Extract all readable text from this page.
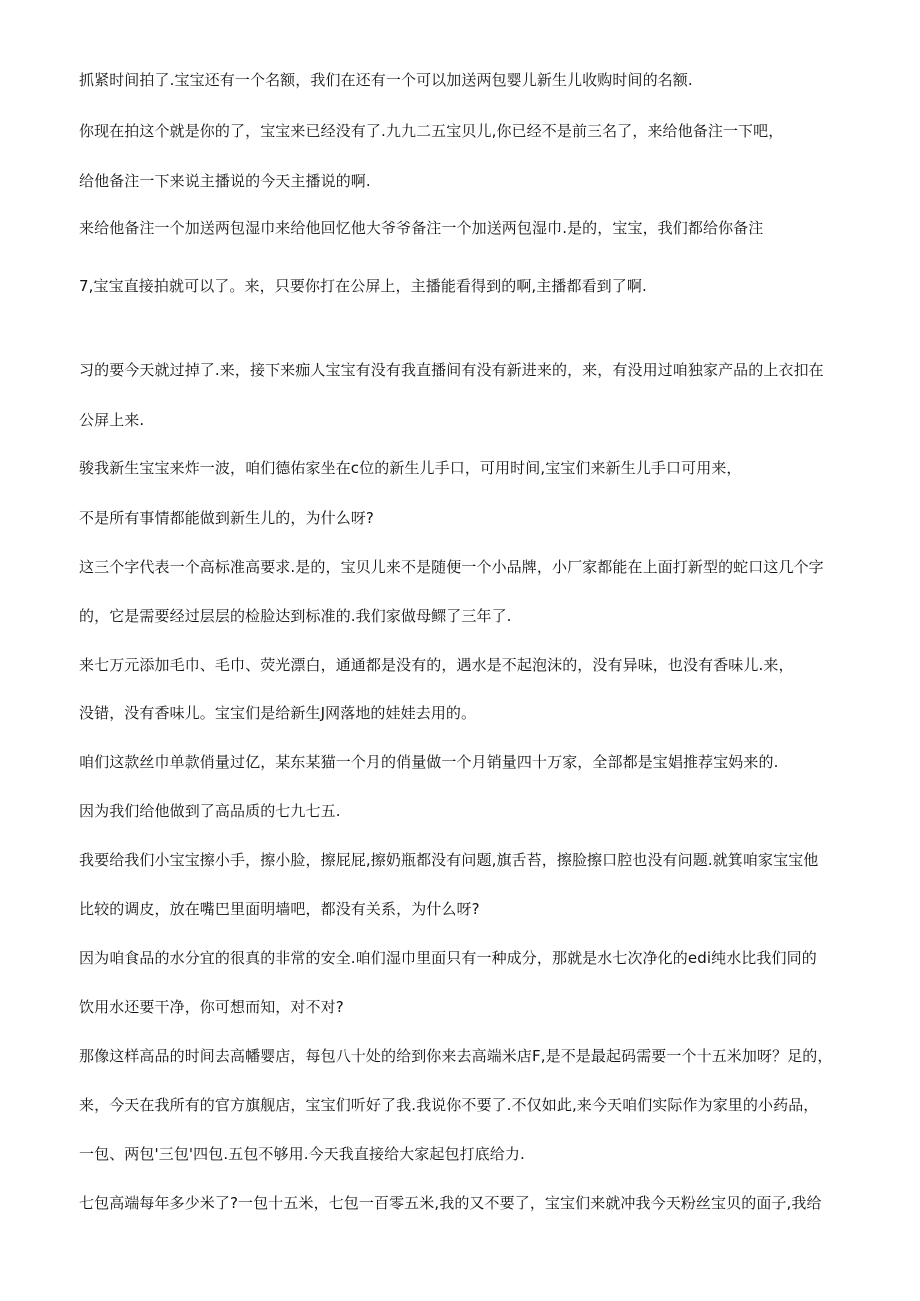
抓紧时间拍了.宝宝还有一个名额，我们在还有一个可以加送两包婴儿新生儿收购时间的名额.
你现在拍这个就是你的了，宝宝来已经没有了.九九二五宝贝儿,你已经不是前三名了，来给他备注一下吧，
给他备注一下来说主播说的今天主播说的啊.
来给他备注一个加送两包湿巾来给他回忆他大爷爷备注一个加送两包湿巾.是的，宝宝，我们都给你备注
7,宝宝直接拍就可以了。来，只要你打在公屏上，主播能看得到的啊,主播都看到了啊.
习的要今天就过掉了.来，接下来痂人宝宝有没有我直播间有没有新进来的，来，有没用过咱独家产品的上衣扣在
公屏上来.
骏我新生宝宝来炸一波，咱们德佑家坐在c位的新生儿手口，可用时间,宝宝们来新生儿手口可用来，
不是所有事情都能做到新生儿的，为什么呀?
这三个字代表一个高标准高要求.是的，宝贝儿来不是随便一个小品牌，小厂家都能在上面打新型的蛇口这几个字
的，它是需要经过层层的检脸达到标准的.我们家做母鳏了三年了.
来七万元添加毛巾、毛巾、荧光漂白，通通都是没有的，遇水是不起泡沫的，没有异味，也没有香味儿.来，
没错，没有香味儿。宝宝们是给新生J网落地的娃娃去用的。
咱们这款丝巾单款俏量过亿，某东某猫一个月的俏量做一个月销量四十万家，全部都是宝娼推荐宝妈来的.
因为我们给他做到了高品质的七九七五.
我要给我们小宝宝擦小手，擦小脸，擦屁屁,擦奶瓶都没有问题,旗舌苔，擦脸擦口腔也没有问题.就箕咱家宝宝他
比较的调皮，放在嘴巴里面明墙吧，都没有关系，为什么呀?
因为咱食品的水分宜的很真的非常的安全.咱们湿巾里面只有一种成分，那就是水七次净化的edi纯水比我们同的
饮用水还要干净，你可想而知，对不对?
那像这样高品的时间去高幡婴店，每包八十处的给到你来去高端米店F,是不是最起码需要一个十五米加呀？足的，
来，今天在我所有的官方旗舰店，宝宝们听好了我.我说你不要了.不仅如此,来今天咱们实际作为家里的小药品，
一包、两包'三包'四包.五包不够用.今天我直接给大家起包打底给力.
七包高端每年多少米了?一包十五米，七包一百零五米,我的又不要了，宝宝们来就冲我今天粉丝宝贝的面子,我给
